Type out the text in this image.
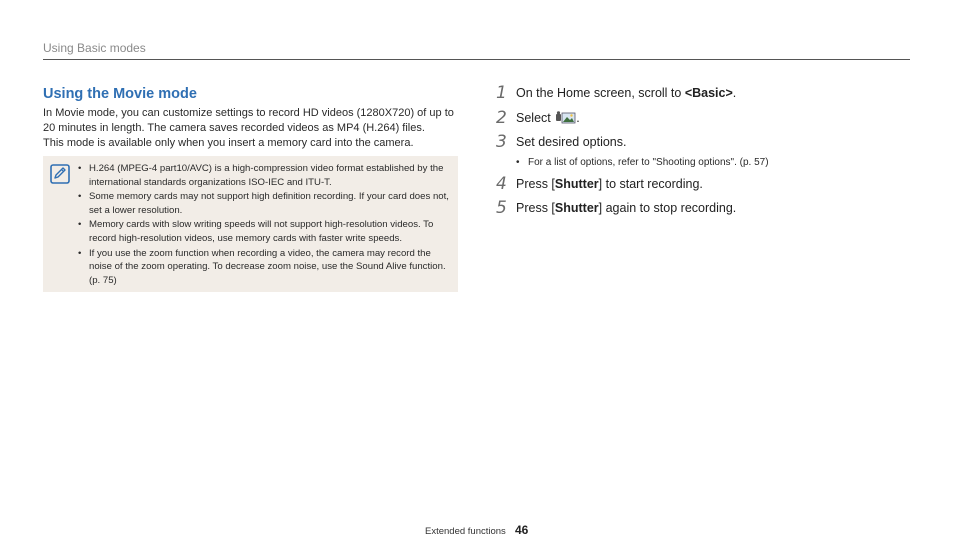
Using Basic modes
Using the Movie mode

In Movie mode, you can customize settings to record HD videos (1280X720) of up to

20 minutes in length. The camera saves recorded videos as MP4 (H.264) files.

This mode is available only when you insert a memory card into the camera.

• H.264 (MPEG-4 part10/AVC) is a high-compression video format established by the international standards organizations ISO-IEC and ITU-T.
• Some memory cards may not support high definition recording. If your card does not, set a lower resolution.
• Memory cards with slow writing speeds will not support high-resolution videos. To record high-resolution videos, use memory cards with faster write speeds.
• If you use the zoom function when recording a video, the camera may record the noise of the zoom operating. To decrease zoom noise, use the Sound Alive function. (p. 75)
1 On the Home screen, scroll to <Basic>.
2 Select .
3 Set desired options.
• For a list of options, refer to "Shooting options". (p. 57)
4 Press [Shutter] to start recording.
5 Press [Shutter] again to stop recording.
Extended functions 46
